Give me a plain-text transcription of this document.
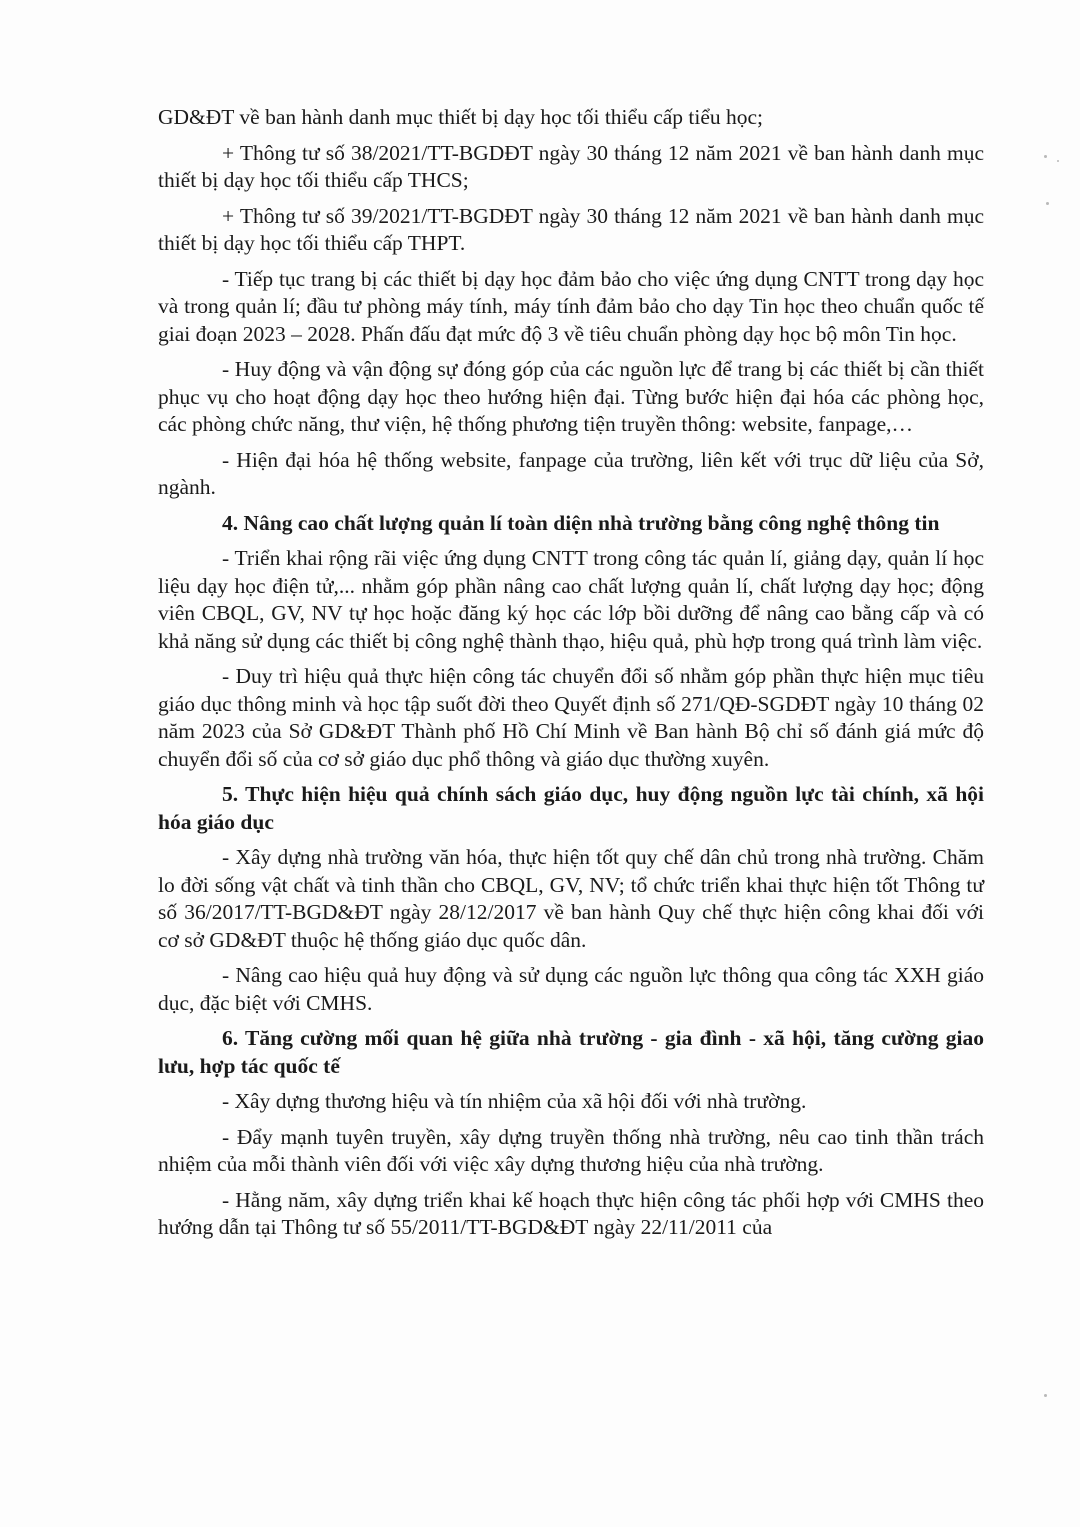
GD&ĐT về ban hành danh mục thiết bị dạy học tối thiểu cấp tiểu học;

+ Thông tư số 38/2021/TT-BGDĐT ngày 30 tháng 12 năm 2021 về ban hành danh mục thiết bị dạy học tối thiểu cấp THCS;

+ Thông tư số 39/2021/TT-BGDĐT ngày 30 tháng 12 năm 2021 về ban hành danh mục thiết bị dạy học tối thiểu cấp THPT.

- Tiếp tục trang bị các thiết bị dạy học đảm bảo cho việc ứng dụng CNTT trong dạy học và trong quản lí; đầu tư phòng máy tính, máy tính đảm bảo cho dạy Tin học theo chuẩn quốc tế giai đoạn 2023 – 2028. Phấn đấu đạt mức độ 3 về tiêu chuẩn phòng dạy học bộ môn Tin học.

- Huy động và vận động sự đóng góp của các nguồn lực để trang bị các thiết bị cần thiết phục vụ cho hoạt động dạy học theo hướng hiện đại. Từng bước hiện đại hóa các phòng học, các phòng chức năng, thư viện, hệ thống phương tiện truyền thông: website, fanpage,…

- Hiện đại hóa hệ thống website, fanpage của trường, liên kết với trục dữ liệu của Sở, ngành.

4. Nâng cao chất lượng quản lí toàn diện nhà trường bằng công nghệ thông tin

- Triển khai rộng rãi việc ứng dụng CNTT trong công tác quản lí, giảng dạy, quản lí học liệu dạy học điện tử,... nhằm góp phần nâng cao chất lượng quản lí, chất lượng dạy học; động viên CBQL, GV, NV tự học hoặc đăng ký học các lớp bồi dưỡng để nâng cao bằng cấp và có khả năng sử dụng các thiết bị công nghệ thành thạo, hiệu quả, phù hợp trong quá trình làm việc.

- Duy trì hiệu quả thực hiện công tác chuyển đổi số nhằm góp phần thực hiện mục tiêu giáo dục thông minh và học tập suốt đời theo Quyết định số 271/QĐ-SGDĐT ngày 10 tháng 02 năm 2023 của Sở GD&ĐT Thành phố Hồ Chí Minh về Ban hành Bộ chỉ số đánh giá mức độ chuyển đổi số của cơ sở giáo dục phổ thông và giáo dục thường xuyên.

5. Thực hiện hiệu quả chính sách giáo dục, huy động nguồn lực tài chính, xã hội hóa giáo dục

- Xây dựng nhà trường văn hóa, thực hiện tốt quy chế dân chủ trong nhà trường. Chăm lo đời sống vật chất và tinh thần cho CBQL, GV, NV; tổ chức triển khai thực hiện tốt Thông tư số 36/2017/TT-BGD&ĐT ngày 28/12/2017 về ban hành Quy chế thực hiện công khai đối với cơ sở GD&ĐT thuộc hệ thống giáo dục quốc dân.

- Nâng cao hiệu quả huy động và sử dụng các nguồn lực thông qua công tác XXH giáo dục, đặc biệt với CMHS.

6. Tăng cường mối quan hệ giữa nhà trường - gia đình - xã hội, tăng cường giao lưu, hợp tác quốc tế

- Xây dựng thương hiệu và tín nhiệm của xã hội đối với nhà trường.

- Đẩy mạnh tuyên truyền, xây dựng truyền thống nhà trường, nêu cao tinh thần trách nhiệm của mỗi thành viên đối với việc xây dựng thương hiệu của nhà trường.

- Hằng năm, xây dựng triển khai kế hoạch thực hiện công tác phối hợp với CMHS theo hướng dẫn tại Thông tư số 55/2011/TT-BGD&ĐT ngày 22/11/2011 của
